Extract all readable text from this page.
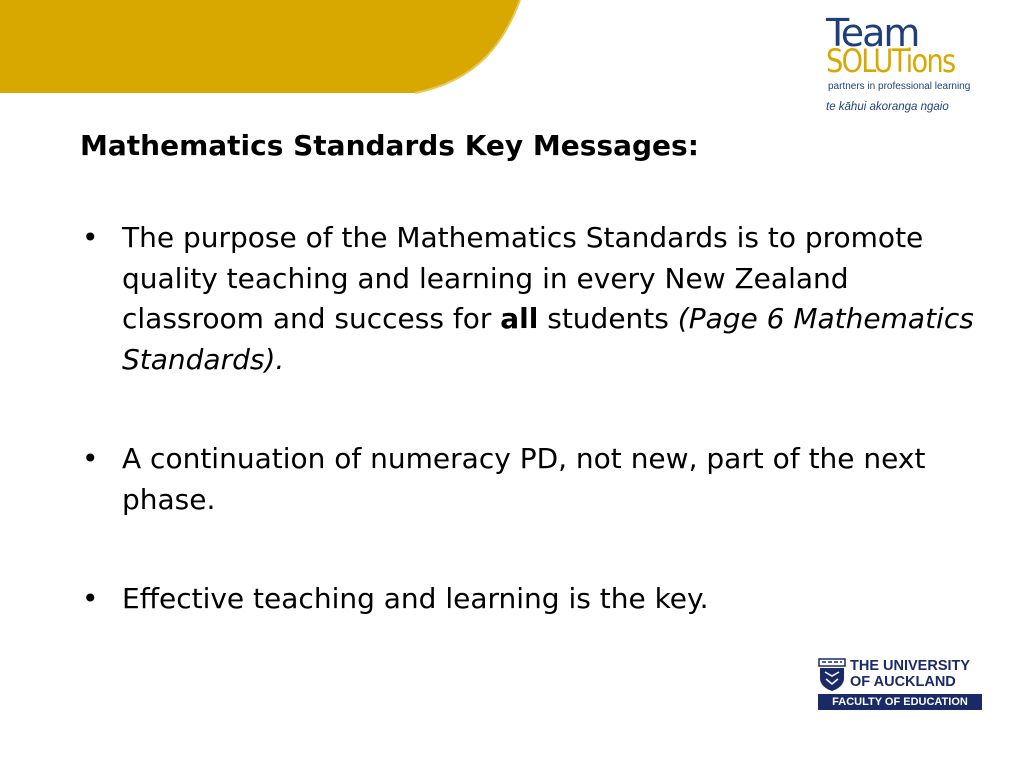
Team
SOLUTions
partners in professional learning
te kāhui akoranga ngaio
Mathematics Standards Key Messages:
• The purpose of the Mathematics Standards is to promote quality teaching and learning in every New Zealand classroom and success for all students (Page 6 Mathematics Standards).
• A continuation of numeracy PD, not new, part of the next phase.
• Effective teaching and learning is the key.
THE UNIVERSITY
OF AUCKLAND
FACULTY OF EDUCATION
